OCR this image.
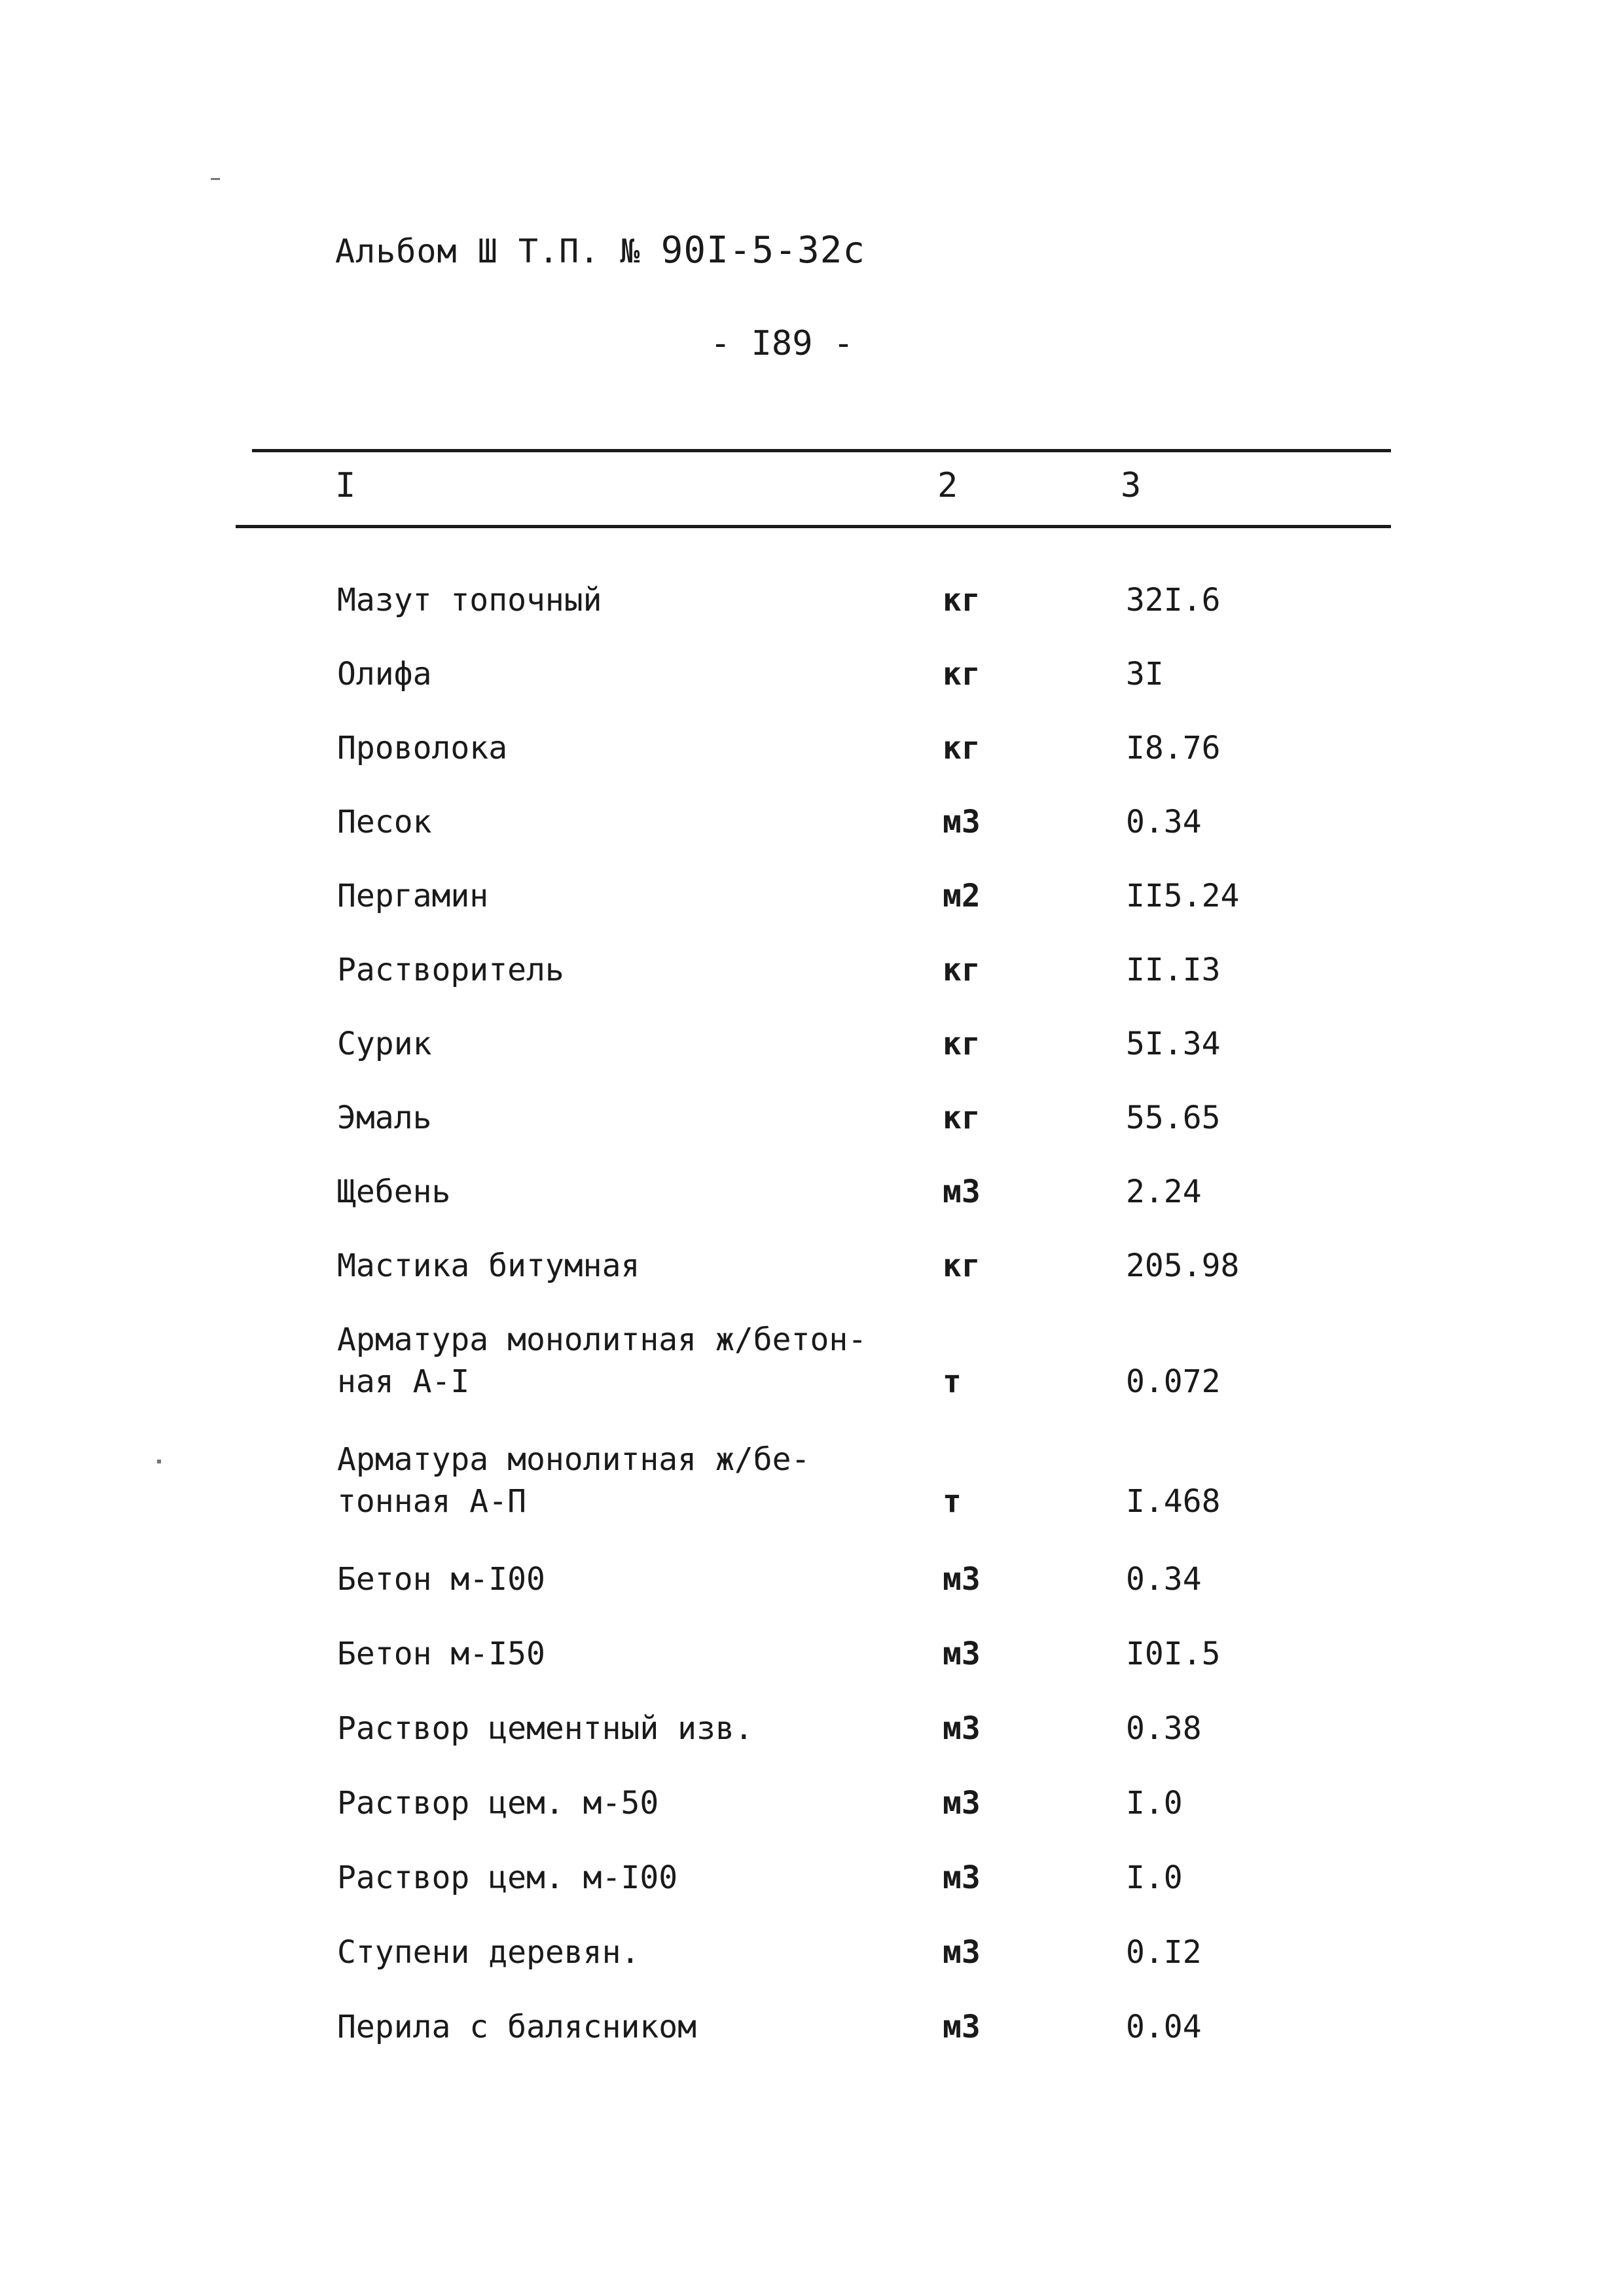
Альбом Ш Т.П. № 90I-5-32c
- I89 -
I	2	3
Мазут топочный	кг	32I.6
Олифа	кг	3I
Проволока	кг	I8.76
Песок	м3	0.34
Пергамин	м2	II5.24
Растворитель	кг	II.I3
Сурик	кг	5I.34
Эмаль	кг	55.65
Щебень	м3	2.24
Мастика битумная	кг	205.98
Арматура монолитная ж/бетон-
ная А-I	т	0.072
Арматура монолитная ж/бе-
тонная А-П	т	I.468
Бетон м-I00	м3	0.34
Бетон м-I50	м3	I0I.5
Раствор цементный изв.	м3	0.38
Раствор цем. м-50	м3	I.0
Раствор цем. м-I00	м3	I.0
Ступени деревян.	м3	0.I2
Перила с балясником	м3	0.04
